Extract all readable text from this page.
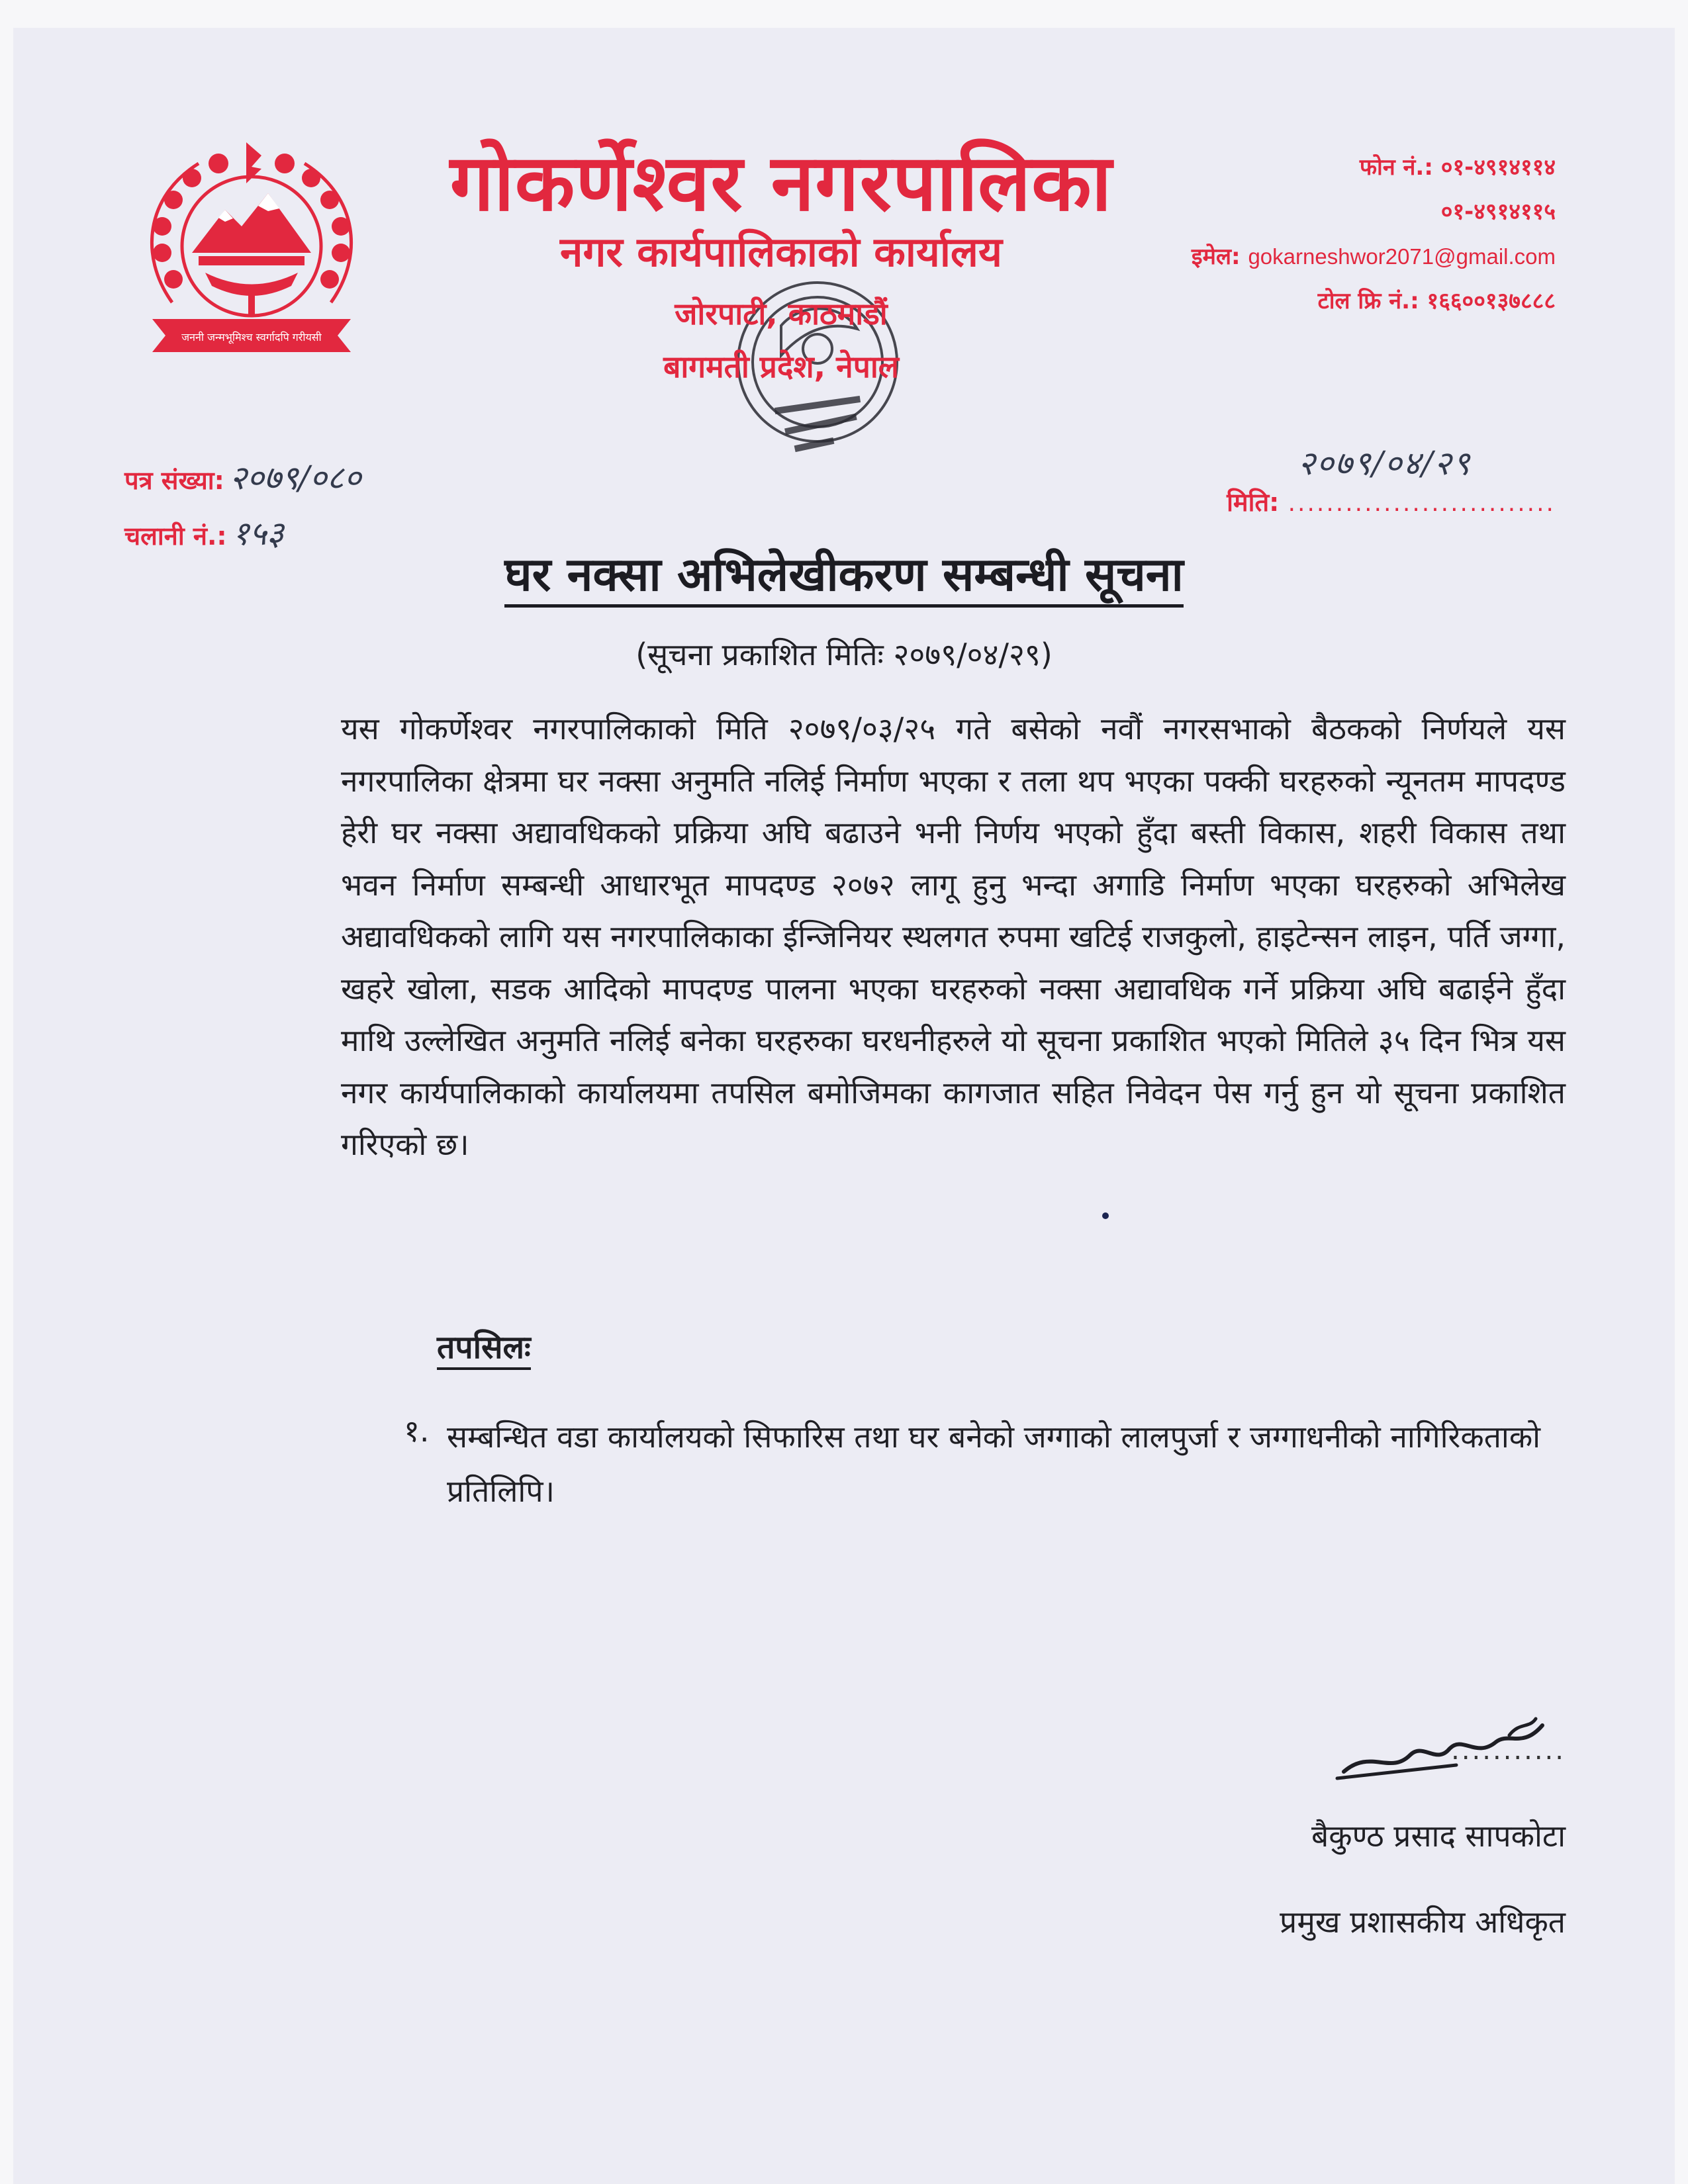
जननी जन्मभूमिश्च स्वर्गादपि गरीयसी
गोकर्णेश्वर नगरपालिका
नगर कार्यपालिकाको कार्यालय
जोरपाटी, काठमाडौं
बागमती प्रदेश, नेपाल
फोन नं.: ०१-४९१४११४
०१-४९१४११५
इमेल: gokarneshwor2071@gmail.com
टोल फ्रि नं.: १६६००१३७८८८
पत्र संख्या: २०७९/०८०
चलानी नं.: १५३
२०७९/०४/२९
मिति: ............................
घर नक्सा अभिलेखीकरण सम्बन्धी सूचना
(सूचना प्रकाशित मितिः २०७९/०४/२९)
यस गोकर्णेश्वर नगरपालिकाको मिति २०७९/०३/२५ गते बसेको नवौं नगरसभाको बैठकको निर्णयले यस नगरपालिका क्षेत्रमा घर नक्सा अनुमति नलिई निर्माण भएका र तला थप भएका पक्की घरहरुको न्यूनतम मापदण्ड हेरी घर नक्सा अद्यावधिकको प्रक्रिया अघि बढाउने भनी निर्णय भएको हुँदा बस्ती विकास, शहरी विकास तथा भवन निर्माण सम्बन्धी आधारभूत मापदण्ड २०७२ लागू हुनु भन्दा अगाडि निर्माण भएका घरहरुको अभिलेख अद्यावधिकको लागि यस नगरपालिकाका ईन्जिनियर स्थलगत रुपमा खटिई राजकुलो, हाइटेन्सन लाइन, पर्ति जग्गा, खहरे खोला, सडक आदिको मापदण्ड पालना भएका घरहरुको नक्सा अद्यावधिक गर्ने प्रक्रिया अघि बढाईने हुँदा माथि उल्लेखित अनुमति नलिई बनेका घरहरुका घरधनीहरुले यो सूचना प्रकाशित भएको मितिले ३५ दिन भित्र यस नगर कार्यपालिकाको कार्यालयमा तपसिल बमोजिमका कागजात सहित निवेदन पेस गर्नु हुन यो सूचना प्रकाशित गरिएको छ।
तपसिलः
१. सम्बन्धित वडा कार्यालयको सिफारिस तथा घर बनेको जग्गाको लालपुर्जा र जग्गाधनीको नागिरिकताको प्रतिलिपि।
...........
बैकुण्ठ प्रसाद सापकोटा
प्रमुख प्रशासकीय अधिकृत
